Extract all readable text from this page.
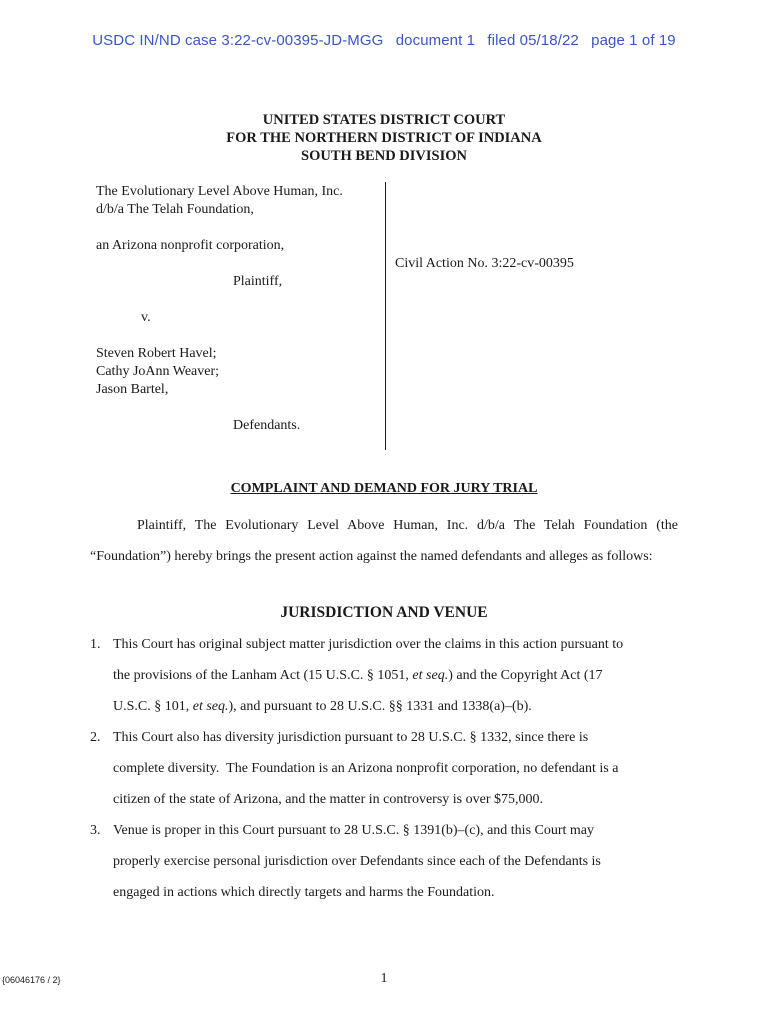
USDC IN/ND case 3:22-cv-00395-JD-MGG document 1 filed 05/18/22 page 1 of 19
UNITED STATES DISTRICT COURT
FOR THE NORTHERN DISTRICT OF INDIANA
SOUTH BEND DIVISION
The Evolutionary Level Above Human, Inc.
d/b/a The Telah Foundation,
an Arizona nonprofit corporation,
Plaintiff,
v.
Steven Robert Havel;
Cathy JoAnn Weaver;
Jason Bartel,
Defendants.
Civil Action No. 3:22-cv-00395
COMPLAINT AND DEMAND FOR JURY TRIAL

Plaintiff, The Evolutionary Level Above Human, Inc. d/b/a The Telah Foundation (the “Foundation”) hereby brings the present action against the named defendants and alleges as follows:

JURISDICTION AND VENUE
1. This Court has original subject matter jurisdiction over the claims in this action pursuant to
the provisions of the Lanham Act (15 U.S.C. § 1051, et seq.) and the Copyright Act (17
U.S.C. § 101, et seq.), and pursuant to 28 U.S.C. §§ 1331 and 1338(a)–(b).
2. This Court also has diversity jurisdiction pursuant to 28 U.S.C. § 1332, since there is
complete diversity.  The Foundation is an Arizona nonprofit corporation, no defendant is a
citizen of the state of Arizona, and the matter in controversy is over $75,000.
3. Venue is proper in this Court pursuant to 28 U.S.C. § 1391(b)–(c), and this Court may
properly exercise personal jurisdiction over Defendants since each of the Defendants is
engaged in actions which directly targets and harms the Foundation.
{06046176 / 2}	1
